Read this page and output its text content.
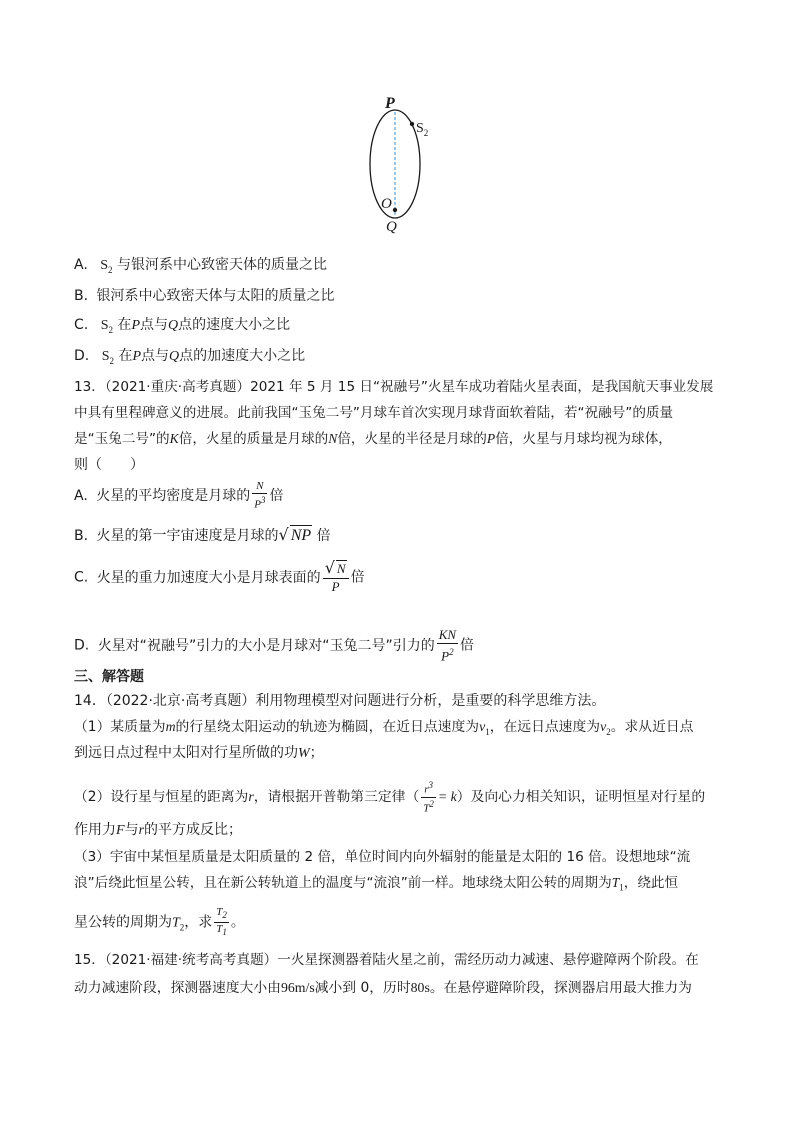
P
$S_2$
O
Q
A. $S_2$ 与银河系中心致密天体的质量之比
B. 银河系中心致密天体与太阳的质量之比
C. $S_2$ 在P点与Q点的速度大小之比
D. $S_2$ 在P点与Q点的加速度大小之比
13．（2021·重庆·高考真题）2021 年 5 月 15 日“祝融号”火星车成功着陆火星表面，是我国航天事业发展
中具有里程碑意义的进展。此前我国“玉兔二号”月球车首次实现月球背面软着陆，若“祝融号”的质量
是“玉兔二号”的K倍，火星的质量是月球的N倍，火星的半径是月球的P倍，火星与月球均视为球体，
则（　　）
A. 火星的平均密度是月球的 $\frac{N}{P^3}$ 倍
B. 火星的第一宇宙速度是月球的√ NP 倍
C. 火星的重力加速度大小是月球表面的 $\frac{√ N}{P}$ 倍
D. 火星对“祝融号”引力的大小是月球对“玉兔二号”引力的 $\frac{KN}{P^2}$ 倍
三、解答题
14．（2022·北京·高考真题）利用物理模型对问题进行分析，是重要的科学思维方法。
（1）某质量为m的行星绕太阳运动的轨迹为椭圆，在近日点速度为$v_1$，在远日点速度为$v_2$。求从近日点
到远日点过程中太阳对行星所做的功W；
（2）设行星与恒星的距离为r，请根据开普勒第三定律（ $\frac{r^3}{T^2} = k$）及向心力相关知识，证明恒星对行星的
作用力F与r的平方成反比；
（3）宇宙中某恒星质量是太阳质量的 2 倍，单位时间内向外辐射的能量是太阳的 16 倍。设想地球“流
浪”后绕此恒星公转，且在新公转轨道上的温度与“流浪”前一样。地球绕太阳公转的周期为$T_1$，绕此恒
星公转的周期为$T_2$，求 $\frac{T_2}{T_1}$ 。
15．（2021·福建·统考高考真题）一火星探测器着陆火星之前，需经历动力减速、悬停避障两个阶段。在
动力减速阶段，探测器速度大小由96m/s减小到 0，历时80s。在悬停避障阶段，探测器启用最大推力为
